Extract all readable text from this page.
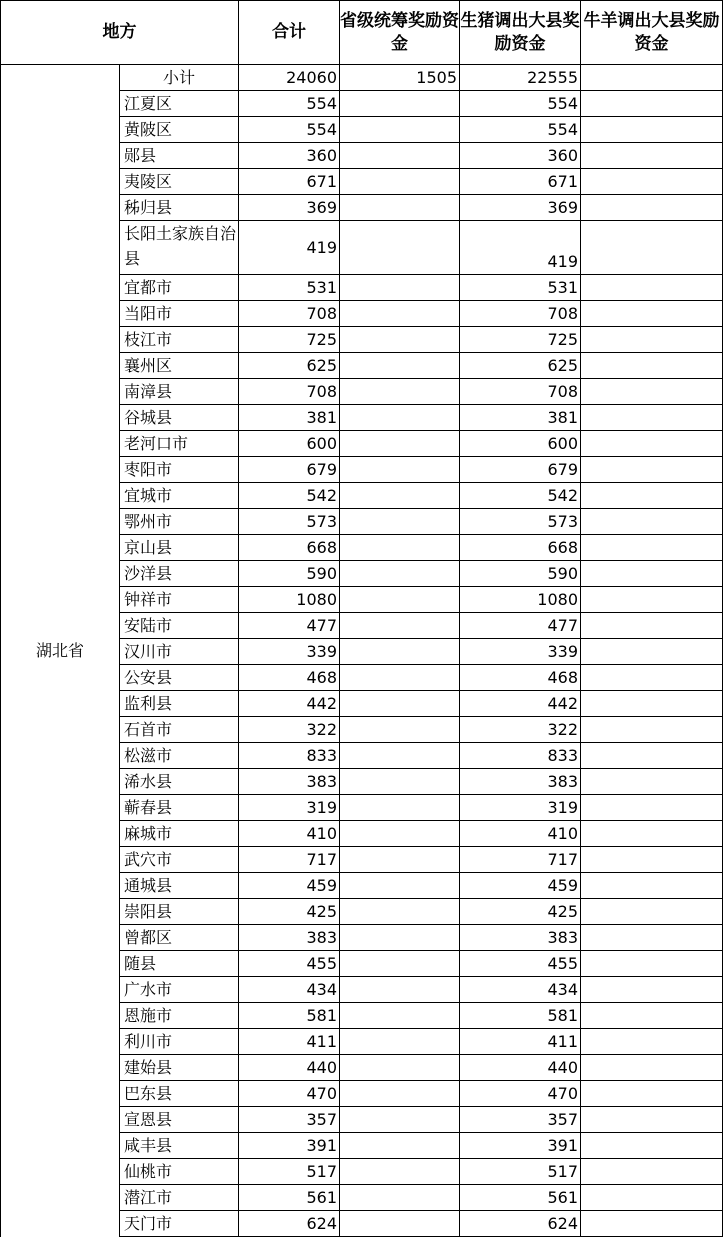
地方		合计	省级统筹奖励资金	生猪调出大县奖励资金	牛羊调出大县奖励资金
湖北省	小计	24060	1505	22555	
	江夏区	554		554	
	黄陂区	554		554	
	郧县	360		360	
	夷陵区	671		671	
	秭归县	369		369	
	长阳土家族自治县	419		419	
	宜都市	531		531	
	当阳市	708		708	
	枝江市	725		725	
	襄州区	625		625	
	南漳县	708		708	
	谷城县	381		381	
	老河口市	600		600	
	枣阳市	679		679	
	宜城市	542		542	
	鄂州市	573		573	
	京山县	668		668	
	沙洋县	590		590	
	钟祥市	1080		1080	
	安陆市	477		477	
	汉川市	339		339	
	公安县	468		468	
	监利县	442		442	
	石首市	322		322	
	松滋市	833		833	
	浠水县	383		383	
	蕲春县	319		319	
	麻城市	410		410	
	武穴市	717		717	
	通城县	459		459	
	崇阳县	425		425	
	曾都区	383		383	
	随县	455		455	
	广水市	434		434	
	恩施市	581		581	
	利川市	411		411	
	建始县	440		440	
	巴东县	470		470	
	宣恩县	357		357	
	咸丰县	391		391	
	仙桃市	517		517	
	潜江市	561		561	
	天门市	624		624	
